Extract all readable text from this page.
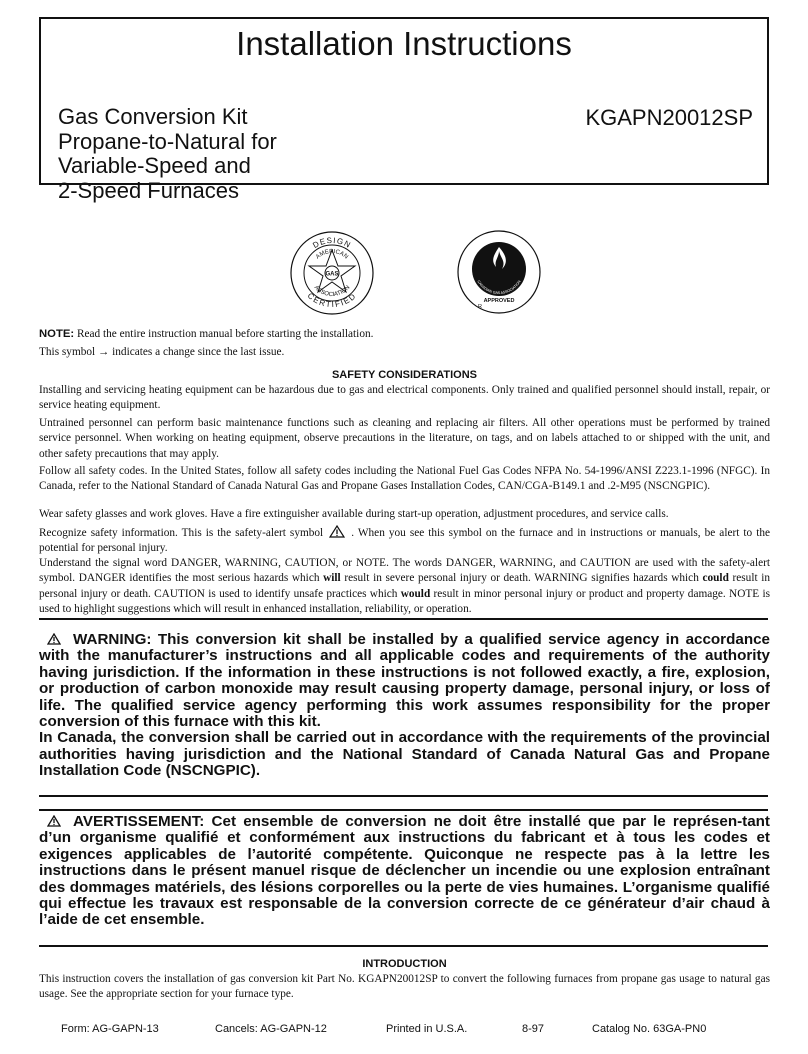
Installation Instructions
Gas Conversion Kit
Propane-to-Natural for
Variable-Speed and
2-Speed Furnaces
KGAPN20012SP
DESIGN
CERTIFIED
AMERICAN
ASSOCIATION
GAS
CANADIAN GAS ASSOCIATION
APPROVED
R
NOTE: Read the entire instruction manual before starting the installation.
This symbol → indicates a change since the last issue.
SAFETY CONSIDERATIONS
Installing and servicing heating equipment can be hazardous due to gas and electrical components. Only trained and qualified personnel should install, repair, or service heating equipment.
Untrained personnel can perform basic maintenance functions such as cleaning and replacing air filters. All other operations must be performed by trained service personnel. When working on heating equipment, observe precautions in the literature, on tags, and on labels attached to or shipped with the unit, and other safety precautions that may apply.
Follow all safety codes. In the United States, follow all safety codes including the National Fuel Gas Codes NFPA No. 54-1996/ANSI Z223.1-1996 (NFGC). In Canada, refer to the National Standard of Canada Natural Gas and Propane Gases Installation Codes, CAN/CGA-B149.1 and .2-M95 (NSCNGPIC).
Wear safety glasses and work gloves. Have a fire extinguisher available during start-up operation, adjustment procedures, and service calls.
Recognize safety information. This is the safety-alert symbol . When you see this symbol on the furnace and in instructions or manuals, be alert to the potential for personal injury.
Understand the signal word DANGER, WARNING, CAUTION, or NOTE. The words DANGER, WARNING, and CAUTION are used with the safety-alert symbol. DANGER identifies the most serious hazards which will result in severe personal injury or death. WARNING signifies hazards which could result in personal injury or death. CAUTION is used to identify unsafe practices which would result in minor personal injury or product and property damage. NOTE is used to highlight suggestions which will result in enhanced installation, reliability, or operation.

WARNING: This conversion kit shall be installed by a qualified service agency in accordance with the manufacturer’s instructions and all applicable codes and requirements of the authority having jurisdiction. If the information in these instructions is not followed exactly, a fire, explosion, or production of carbon monoxide may result causing property damage, personal injury, or loss of life. The qualified service agency performing this work assumes responsibility for the proper conversion of this furnace with this kit.

In Canada, the conversion shall be carried out in accordance with the requirements of the provincial authorities having jurisdiction and the National Standard of Canada Natural Gas and Propane Installation Code (NSCNGPIC).

AVERTISSEMENT: Cet ensemble de conversion ne doit être installé que par le représen-tant d’un organisme qualifié et conformément aux instructions du fabricant et à tous les codes et exigences applicables de l’autorité compétente. Quiconque ne respecte pas à la lettre les instructions dans le présent manuel risque de déclencher un incendie ou une explosion entraînant des dommages matériels, des lésions corporelles ou la perte de vies humaines. L’organisme qualifié qui effectue les travaux est responsable de la conversion correcte de ce générateur d’air chaud à l’aide de cet ensemble.

INTRODUCTION
This instruction covers the installation of gas conversion kit Part No. KGAPN20012SP to convert the following furnaces from propane gas usage to natural gas usage. See the appropriate section for your furnace type.
Form: AG-GAPN-13	Cancels: AG-GAPN-12	Printed in U.S.A.	8-97	Catalog No. 63GA-PN0
